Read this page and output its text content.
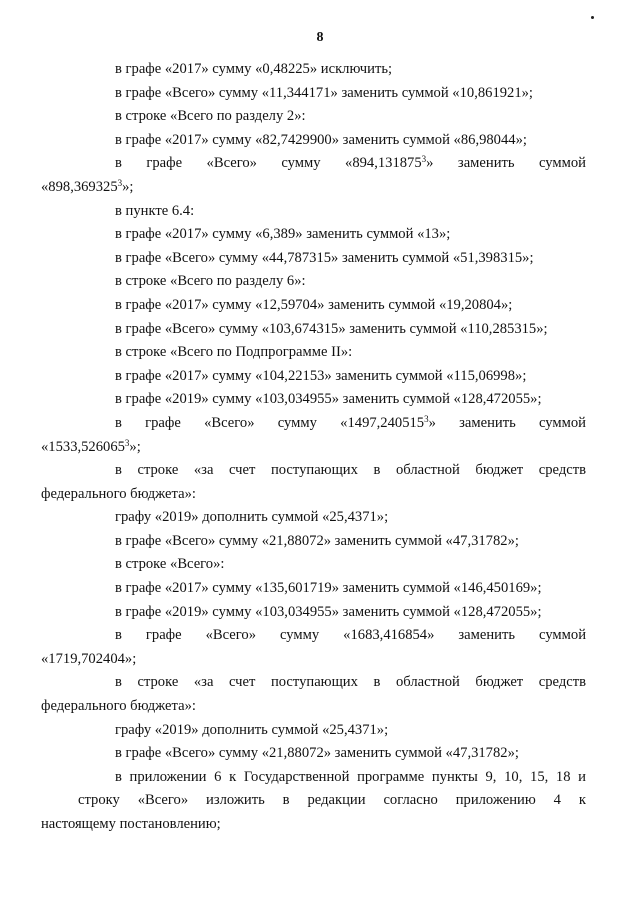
8

в графе «2017» сумму «0,48225» исключить;

в графе «Всего» сумму «11,344171» заменить суммой «10,861921»;

в строке «Всего по разделу 2»:

в графе «2017» сумму «82,7429900» заменить суммой «86,98044»;

в графе «Всего» сумму «894,131875$^3$» заменить суммой
«898,369325$^3$»;

в пункте 6.4:

в графе «2017» сумму «6,389» заменить суммой «13»;

в графе «Всего» сумму «44,787315» заменить суммой «51,398315»;

в строке «Всего по разделу 6»:

в графе «2017» сумму «12,59704» заменить суммой «19,20804»;

в графе «Всего» сумму «103,674315» заменить суммой «110,285315»;

в строке «Всего по Подпрограмме II»:

в графе «2017» сумму «104,22153» заменить суммой «115,06998»;

в графе «2019» сумму «103,034955» заменить суммой «128,472055»;

в графе «Всего» сумму «1497,240515$^3$» заменить суммой
«1533,526065$^3$»;

в строке «за счет поступающих в областной бюджет средств
федерального бюджета»:

графу «2019» дополнить суммой «25,4371»;

в графе «Всего» сумму «21,88072» заменить суммой «47,31782»;

в строке «Всего»:

в графе «2017» сумму «135,601719» заменить суммой «146,450169»;

в графе «2019» сумму «103,034955» заменить суммой «128,472055»;

в графе «Всего» сумму «1683,416854» заменить суммой
«1719,702404»;

в строке «за счет поступающих в областной бюджет средств
федерального бюджета»:

графу «2019» дополнить суммой «25,4371»;

в графе «Всего» сумму «21,88072» заменить суммой «47,31782»;

в приложении 6 к Государственной программе пункты 9, 10, 15, 18 и
строку «Всего» изложить в редакции согласно приложению 4 к
настоящему постановлению;
